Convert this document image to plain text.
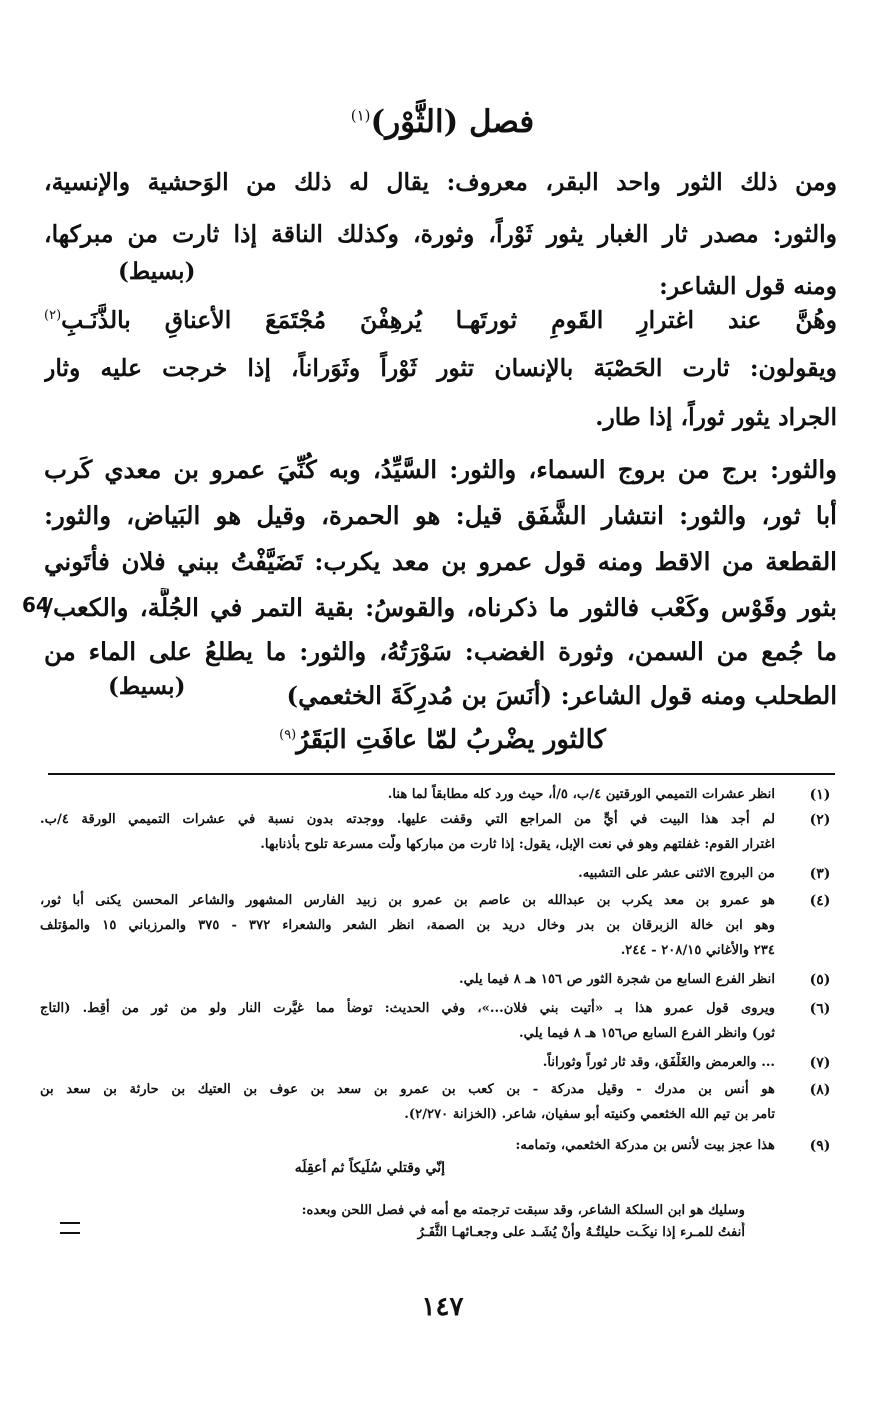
فصل (الثَّوْر)$^{(١)}$
ومن ذلك الثور واحد البقر، معروف: يقال له ذلك من الوَحشية والإنسية،
والثور: مصدر ثار الغبار يثور ثَوْراً، وثورة، وكذلك الناقة إذا ثارت من مبركها،
ومنه قول الشاعر:
(بسيط)
وهُنَّ عند اغترارِ القَومِ ثورتَهـا يُرهِفْنَ مُجْتَمَعَ الأعناقِ بالذَّنَـبِ$^{(٢)}$
ويقولون: ثارت الحَصْبَة بالإنسان تثور ثَوْراً وثَوَراناً، إذا خرجت عليه وثار
الجراد يثور ثوراً، إذا طار.
والثور: برج من بروج السماء، والثور: السَّيِّدُ، وبه كُنِّيَ عمرو بن معدي كَرب
أبا ثور، والثور: انتشار الشَّفَق قيل: هو الحمرة، وقيل هو البَياض، والثور:
القطعة من الاقط ومنه قول عمرو بن معد يكرب: تَضَيَّفْتُ ببني فلان فأتَوني
بثور وقَوْس وكَعْب فالثور ما ذكرناه، والقوسُ: بقية التمر في الجُلَّة، والكعب/
ما جُمع من السمن، وثورة الغضب: سَوْرَتُهُ، والثور: ما يطلعُ على الماء من
الطحلب ومنه قول الشاعر: (أنَسَ بن مُدرِكَةَ الخثعمي)
(بسيط)
كالثور يضْربُ لمّا عافَتِ البَقَرُ$^{(٩)}$
64
(١)
انظر عشرات التميمي الورقتين ٤/ب، ٥/أ، حيث ورد كله مطابقاً لما هنا.
(٢)
لم أجد هذا البيت في أيٍّ من المراجع التي وقفت عليها. ووجدته بدون نسبة في عشرات التميمي الورقة ٤/ب.
اغترار القوم: غفلتهم وهو في نعت الإبل، يقول: إذا ثارت من مباركها ولّت مسرعة تلوح بأذنابها.
(٣)
من البروج الاثنى عشر على التشبيه.
(٤)
هو عمرو بن معد يكرب بن عبدالله بن عاصم بن عمرو بن زبيد الفارس المشهور والشاعر المحسن يكنى أبا ثور،
وهو ابن خالة الزبرقان بن بدر وخال دريد بن الصمة، انظر الشعر والشعراء ٣٧٢ - ٣٧٥ والمرزباني ١٥ والمؤتلف
٢٣٤ والأغاني ٢٠٨/١٥ - ٢٤٤.
(٥)
انظر الفرع السابع من شجرة الثور ص ١٥٦ هـ ٨ فيما يلي.
(٦)
ويروى قول عمرو هذا بـ «أتيت بني فلان...»، وفي الحديث: توضأ مما غيَّرت النار ولو من ثور من أقِط. (التاج
ثور) وانظر الفرع السابع ص١٥٦ هـ ٨ فيما يلي.
(٧)
... والعرمض والغَلْفَق، وقد ثار ثوراً وثوراناً.
(٨)
هو أنس بن مدرك - وقيل مدركة - بن كعب بن عمرو بن سعد بن عوف بن العتيك بن حارثة بن سعد بن
تامر بن تيم الله الخثعمي وكنيته أبو سفيان، شاعر. (الخزانة ٢/٢٧٠).
(٩)
هذا عجز بيت لأنس بن مدركة الخثعمي، وتمامه:
إنّي وقتلي سُلَيكاً ثم أعقِلَه
وسليك هو ابن السلكة الشاعر، وقد سبقت ترجمته مع أمه في فصل اللحن وبعده:
أُنفتُ للمـرء إذا نيكَـت حليلتُـهُ وأنْ يُشَـد على وجعـائهـا الثَّفَـرُ
١٤٧
